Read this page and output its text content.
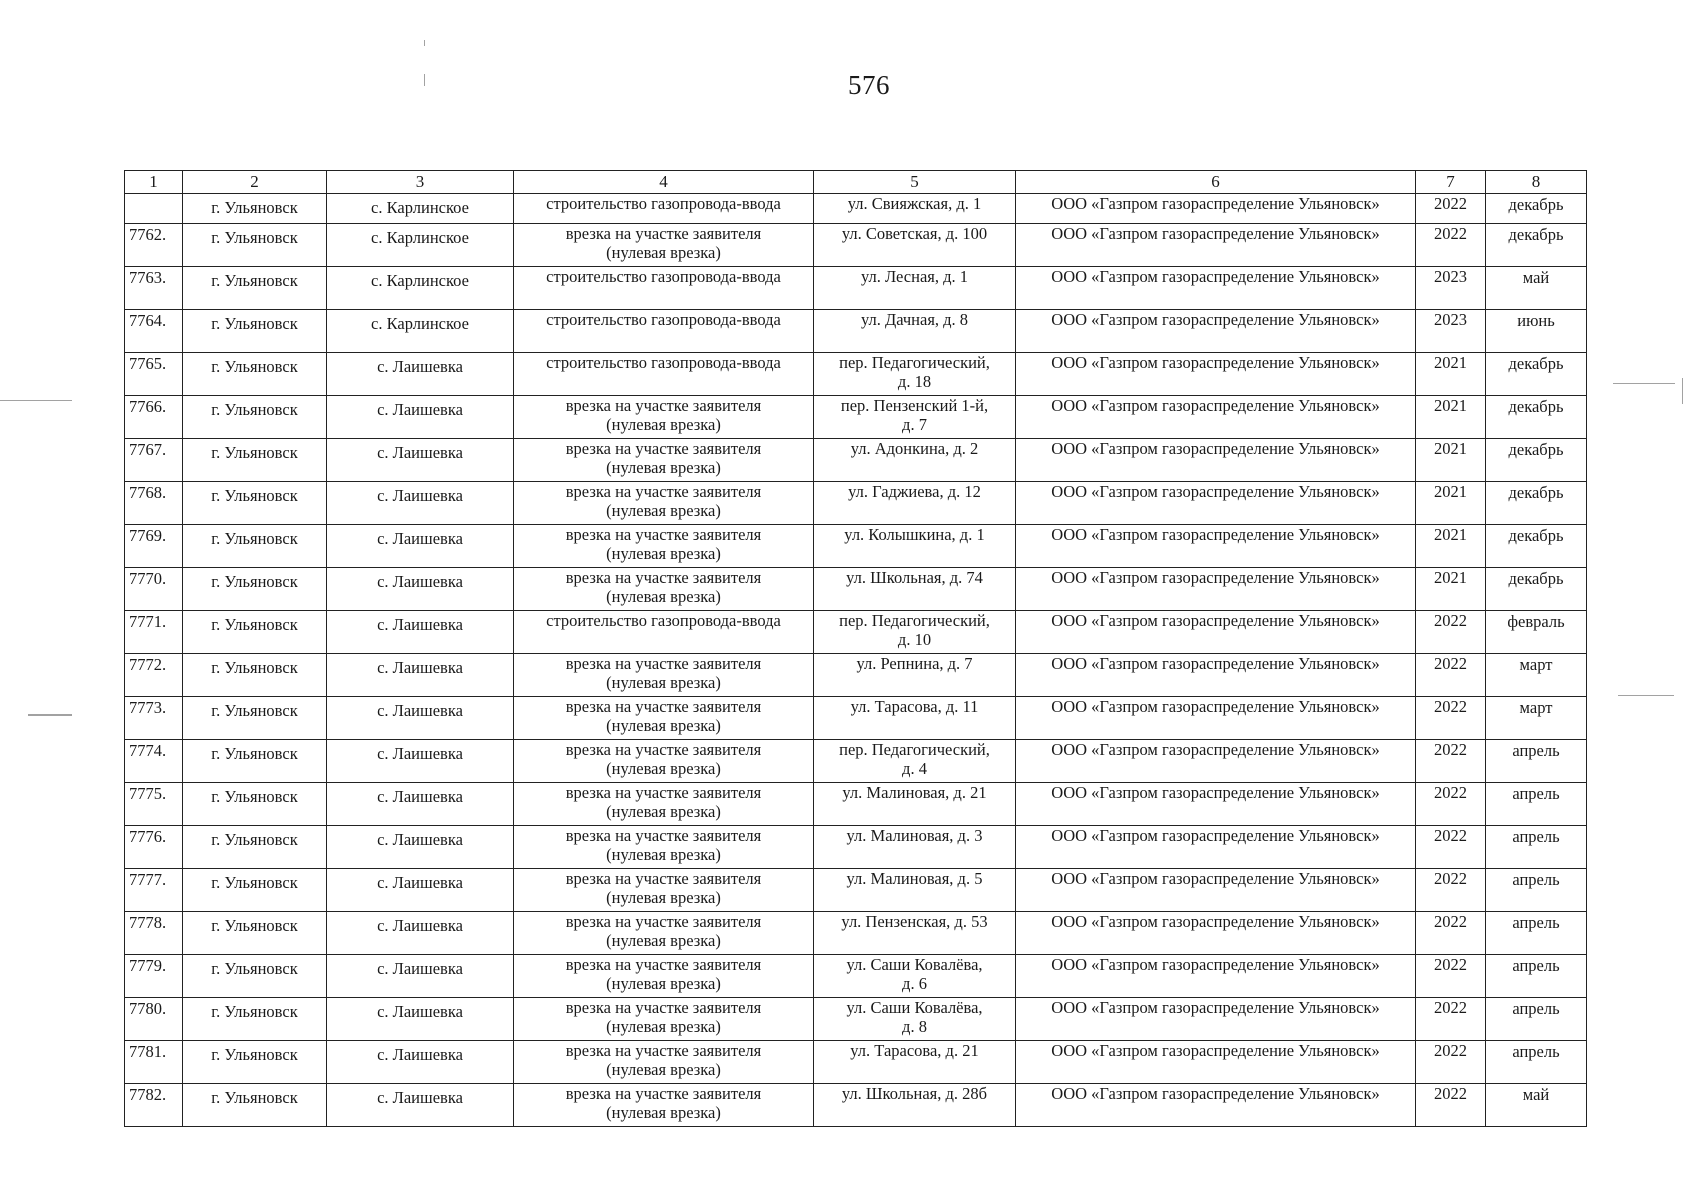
576
1	2	3	4	5	6	7	8
	г. Ульяновск	с. Карлинское	строительство газопровода-ввода	ул. Свияжская, д. 1	ООО «Газпром газораспределение Ульяновск»	2022	декабрь
7762.	г. Ульяновск	с. Карлинское	врезка на участке заявителя
(нулевая врезка)	ул. Советская, д. 100	ООО «Газпром газораспределение Ульяновск»	2022	декабрь
7763.	г. Ульяновск	с. Карлинское	строительство газопровода-ввода	ул. Лесная, д. 1	ООО «Газпром газораспределение Ульяновск»	2023	май
7764.	г. Ульяновск	с. Карлинское	строительство газопровода-ввода	ул. Дачная, д. 8	ООО «Газпром газораспределение Ульяновск»	2023	июнь
7765.	г. Ульяновск	с. Лаишевка	строительство газопровода-ввода	пер. Педагогический,
д. 18	ООО «Газпром газораспределение Ульяновск»	2021	декабрь
7766.	г. Ульяновск	с. Лаишевка	врезка на участке заявителя
(нулевая врезка)	пер. Пензенский 1-й,
д. 7	ООО «Газпром газораспределение Ульяновск»	2021	декабрь
7767.	г. Ульяновск	с. Лаишевка	врезка на участке заявителя
(нулевая врезка)	ул. Адонкина, д. 2	ООО «Газпром газораспределение Ульяновск»	2021	декабрь
7768.	г. Ульяновск	с. Лаишевка	врезка на участке заявителя
(нулевая врезка)	ул. Гаджиева, д. 12	ООО «Газпром газораспределение Ульяновск»	2021	декабрь
7769.	г. Ульяновск	с. Лаишевка	врезка на участке заявителя
(нулевая врезка)	ул. Колышкина, д. 1	ООО «Газпром газораспределение Ульяновск»	2021	декабрь
7770.	г. Ульяновск	с. Лаишевка	врезка на участке заявителя
(нулевая врезка)	ул. Школьная, д. 74	ООО «Газпром газораспределение Ульяновск»	2021	декабрь
7771.	г. Ульяновск	с. Лаишевка	строительство газопровода-ввода	пер. Педагогический,
д. 10	ООО «Газпром газораспределение Ульяновск»	2022	февраль
7772.	г. Ульяновск	с. Лаишевка	врезка на участке заявителя
(нулевая врезка)	ул. Репнина, д. 7	ООО «Газпром газораспределение Ульяновск»	2022	март
7773.	г. Ульяновск	с. Лаишевка	врезка на участке заявителя
(нулевая врезка)	ул. Тарасова, д. 11	ООО «Газпром газораспределение Ульяновск»	2022	март
7774.	г. Ульяновск	с. Лаишевка	врезка на участке заявителя
(нулевая врезка)	пер. Педагогический,
д. 4	ООО «Газпром газораспределение Ульяновск»	2022	апрель
7775.	г. Ульяновск	с. Лаишевка	врезка на участке заявителя
(нулевая врезка)	ул. Малиновая, д. 21	ООО «Газпром газораспределение Ульяновск»	2022	апрель
7776.	г. Ульяновск	с. Лаишевка	врезка на участке заявителя
(нулевая врезка)	ул. Малиновая, д. 3	ООО «Газпром газораспределение Ульяновск»	2022	апрель
7777.	г. Ульяновск	с. Лаишевка	врезка на участке заявителя
(нулевая врезка)	ул. Малиновая, д. 5	ООО «Газпром газораспределение Ульяновск»	2022	апрель
7778.	г. Ульяновск	с. Лаишевка	врезка на участке заявителя
(нулевая врезка)	ул. Пензенская, д. 53	ООО «Газпром газораспределение Ульяновск»	2022	апрель
7779.	г. Ульяновск	с. Лаишевка	врезка на участке заявителя
(нулевая врезка)	ул. Саши Ковалёва,
д. 6	ООО «Газпром газораспределение Ульяновск»	2022	апрель
7780.	г. Ульяновск	с. Лаишевка	врезка на участке заявителя
(нулевая врезка)	ул. Саши Ковалёва,
д. 8	ООО «Газпром газораспределение Ульяновск»	2022	апрель
7781.	г. Ульяновск	с. Лаишевка	врезка на участке заявителя
(нулевая врезка)	ул. Тарасова, д. 21	ООО «Газпром газораспределение Ульяновск»	2022	апрель
7782.	г. Ульяновск	с. Лаишевка	врезка на участке заявителя
(нулевая врезка)	ул. Школьная, д. 28б	ООО «Газпром газораспределение Ульяновск»	2022	май
